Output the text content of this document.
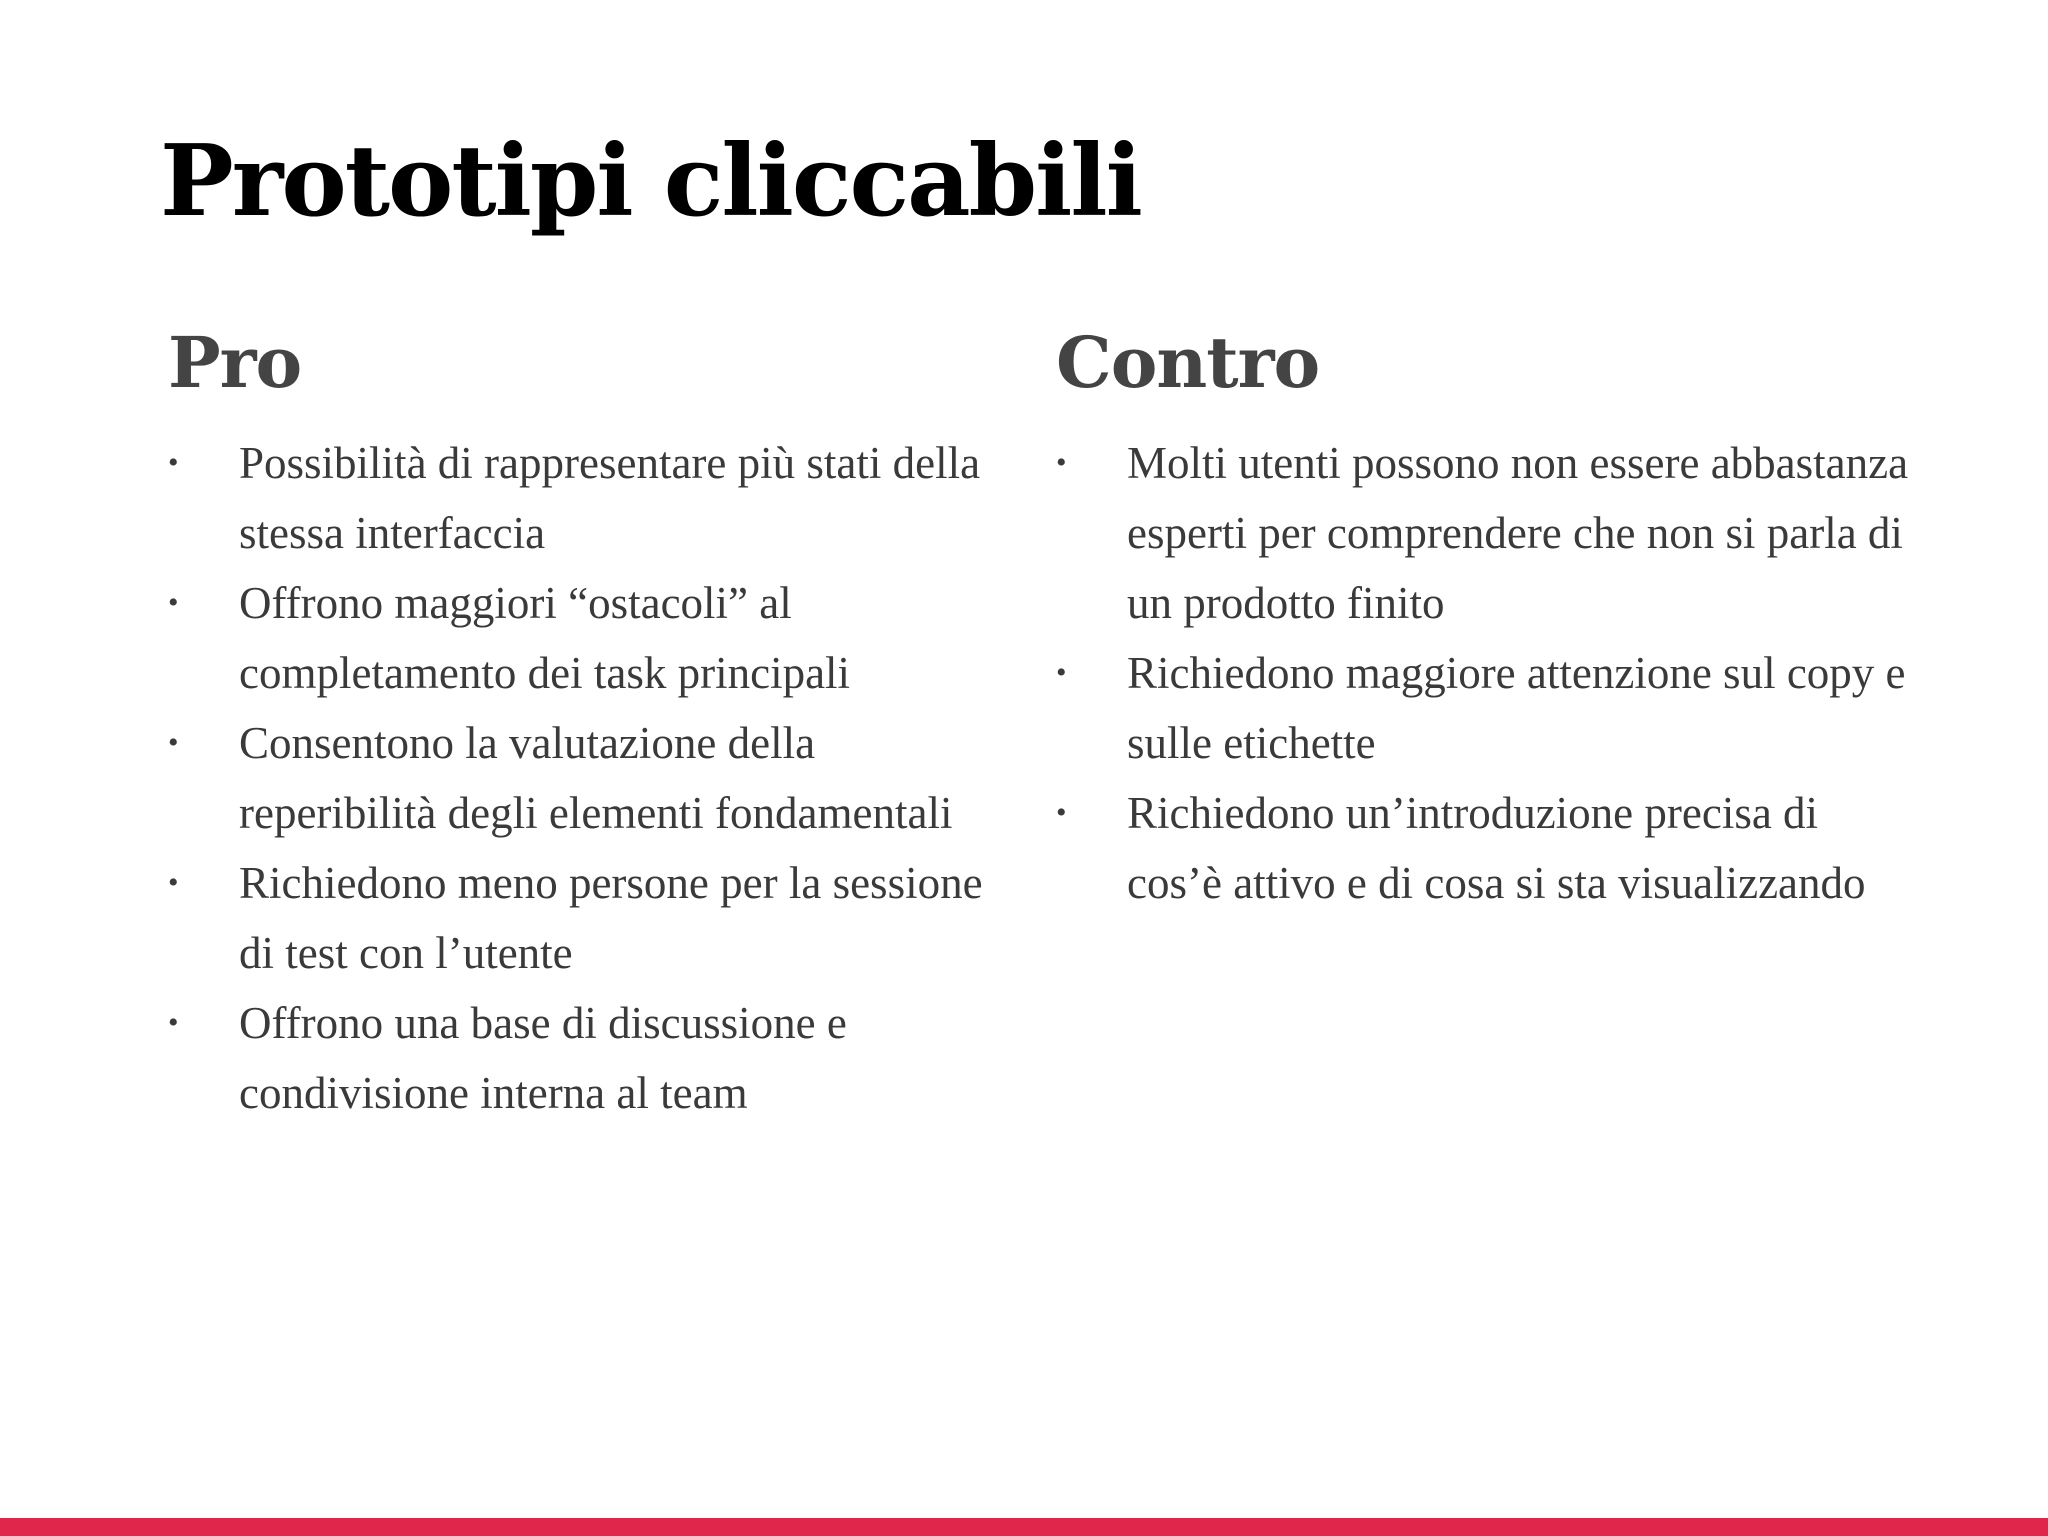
Prototipi cliccabili
Pro
• Possibilità di rappresentare più stati della stessa interfaccia
• Offrono maggiori “ostacoli” al completamento dei task principali
• Consentono la valutazione della reperibilità degli elementi fondamentali
• Richiedono meno persone per la sessione di test con l’utente
• Offrono una base di discussione e condivisione interna al team
Contro
• Molti utenti possono non essere abbastanza esperti per comprendere che non si parla di un prodotto finito
• Richiedono maggiore attenzione sul copy e sulle etichette
• Richiedono un’introduzione precisa di cos’è attivo e di cosa si sta visualizzando
